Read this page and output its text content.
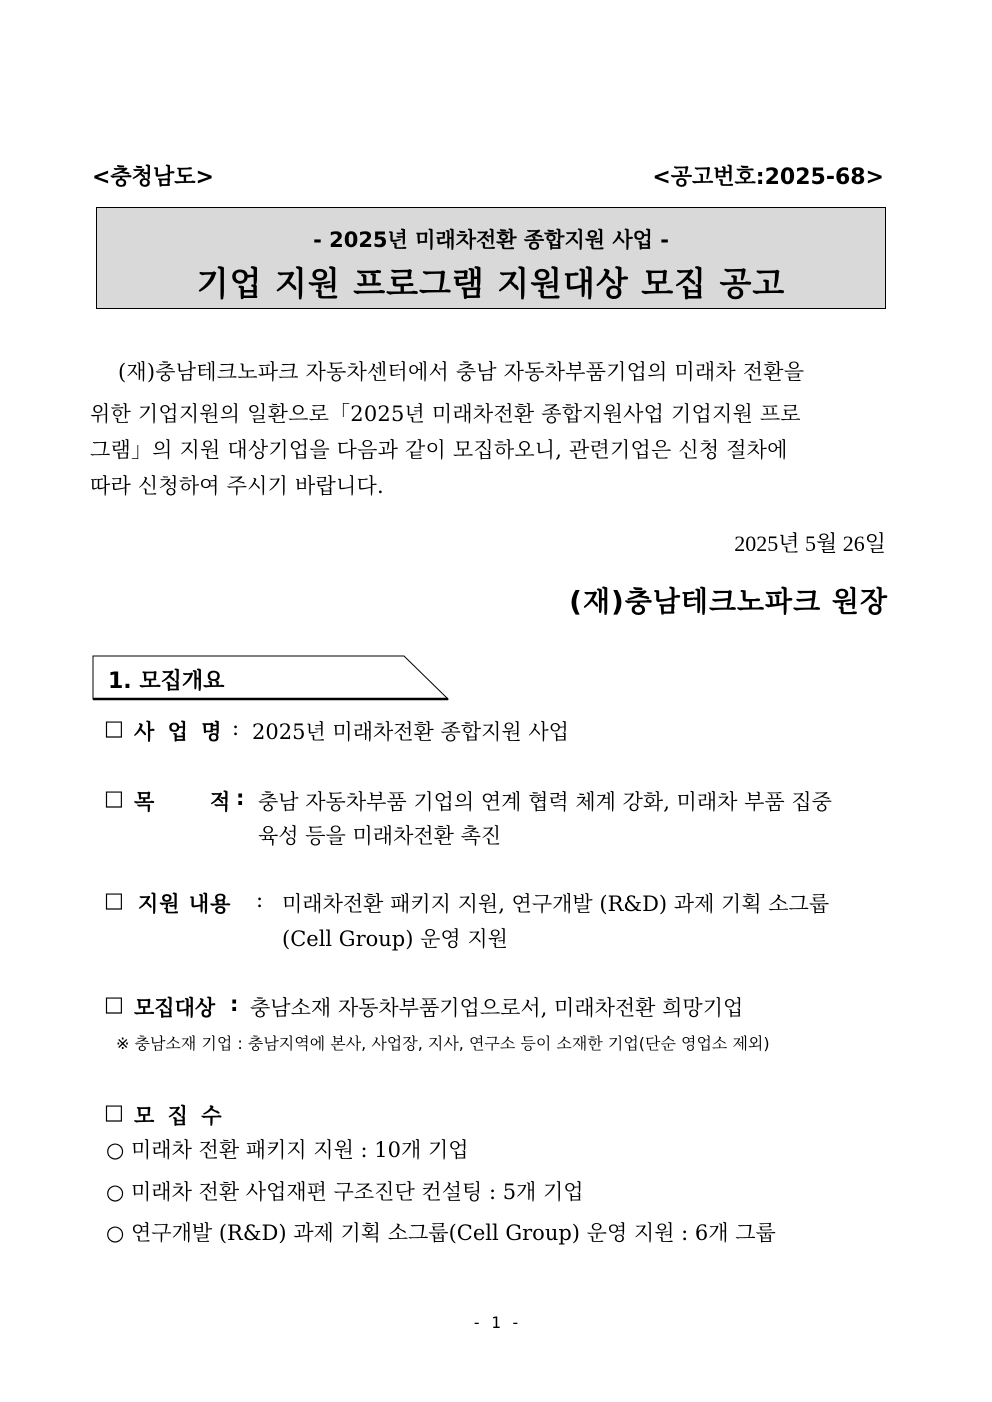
<충청남도>	<공고번호:2025-68>
- 2025년 미래차전환 종합지원 사업 -
기업 지원 프로그램 지원대상 모집 공고
(재)충남테크노파크 자동차센터에서 충남 자동차부품기업의 미래차 전환을
위한 기업지원의 일환으로「2025년 미래차전환 종합지원사업 기업지원 프로
그램」의 지원 대상기업을 다음과 같이 모집하오니, 관련기업은 신청 절차에
따라 신청하여 주시기 바랍니다.
2025년 5월 26일
(재)충남테크노파크 원장
1. 모집개요
□ 사 업 명 : 2025년 미래차전환 종합지원 사업
□ 목	적 : 충남 자동차부품 기업의 연계 협력 체계 강화, 미래차 부품 집중
육성 등을 미래차전환 촉진
□ 지원 내용 : 미래차전환 패키지 지원, 연구개발 (R&D) 과제 기획 소그룹
(Cell Group) 운영 지원
□ 모집대상 : 충남소재 자동차부품기업으로서, 미래차전환 희망기업
※ 충남소재 기업 : 충남지역에 본사, 사업장, 지사, 연구소 등이 소재한 기업(단순 영업소 제외)
□ 모 집 수
○ 미래차 전환 패키지 지원 : 10개 기업
○ 미래차 전환 사업재편 구조진단 컨설팅 : 5개 기업
○ 연구개발 (R&D) 과제 기획 소그룹(Cell Group) 운영 지원 : 6개 그룹
- 1 -
